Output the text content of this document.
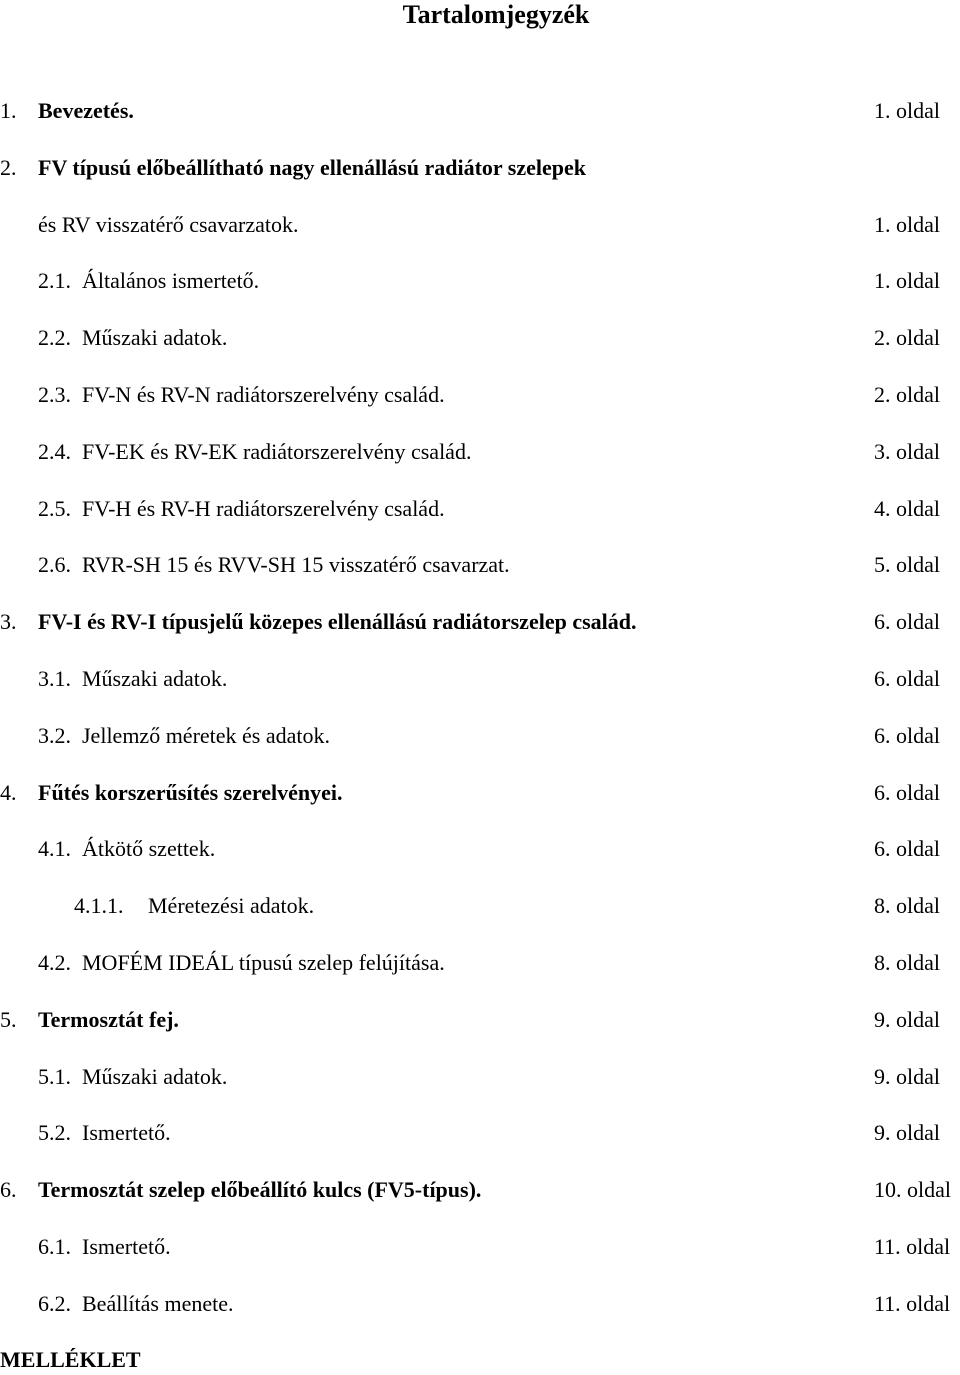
Tartalomjegyzék
1. Bevezetés.	1. oldal
2. FV típusú előbeállítható nagy ellenállású radiátor szelepek
és RV visszatérő csavarzatok.	1. oldal
2.1. Általános ismertető.	1. oldal
2.2. Műszaki adatok.	2. oldal
2.3. FV-N és RV-N radiátorszerelvény család.	2. oldal
2.4. FV-EK és RV-EK radiátorszerelvény család.	3. oldal
2.5. FV-H és RV-H radiátorszerelvény család.	4. oldal
2.6. RVR-SH 15 és RVV-SH 15 visszatérő csavarzat.	5. oldal
3. FV-I és RV-I típusjelű közepes ellenállású radiátorszelep család.	6. oldal
3.1. Műszaki adatok.	6. oldal
3.2. Jellemző méretek és adatok.	6. oldal
4. Fűtés korszerűsítés szerelvényei.	6. oldal
4.1. Átkötő szettek.	6. oldal
4.1.1. Méretezési adatok.	8. oldal
4.2. MOFÉM IDEÁL típusú szelep felújítása.	8. oldal
5. Termosztát fej.	9. oldal
5.1. Műszaki adatok.	9. oldal
5.2. Ismertető.	9. oldal
6. Termosztát szelep előbeállító kulcs (FV5-típus).	10. oldal
6.1. Ismertető.	11. oldal
6.2. Beállítás menete.	11. oldal
MELLÉKLET
